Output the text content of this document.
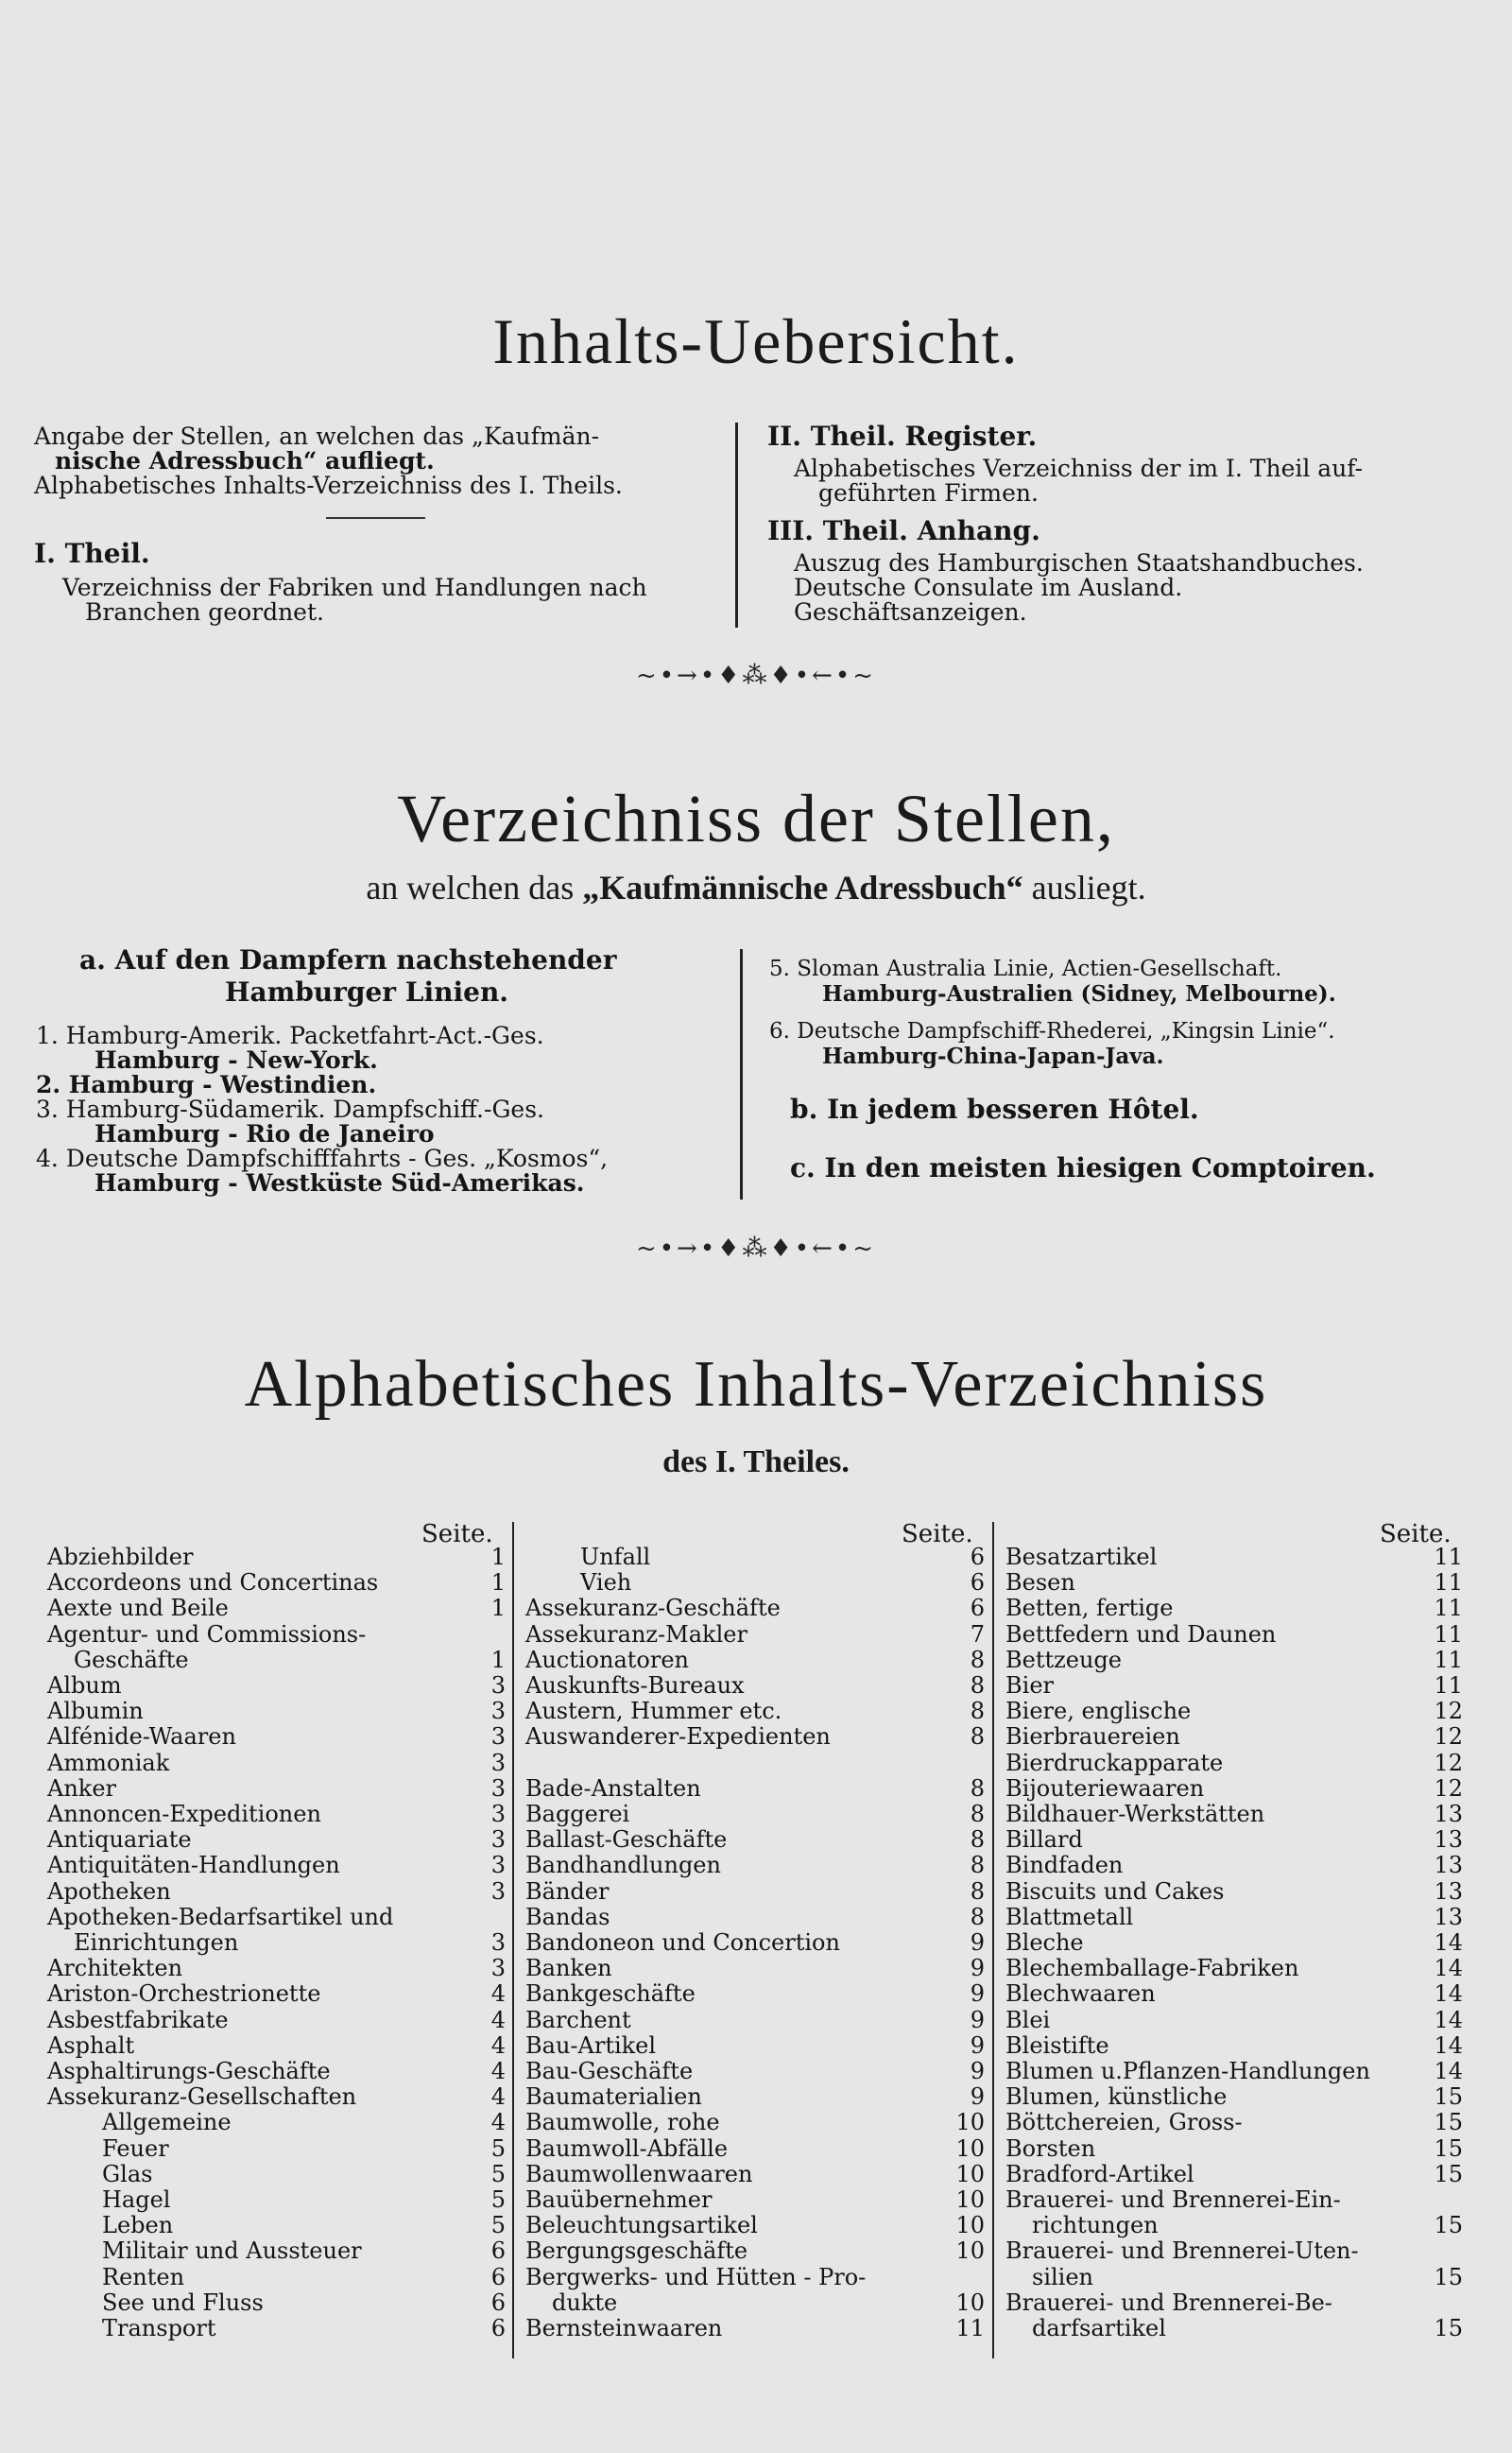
Inhalts-Uebersicht.
Angabe der Stellen, an welchen das „Kaufmän-
nische Adressbuch“ aufliegt.
Alphabetisches Inhalts-Verzeichniss des I. Theils.
I. Theil.
Verzeichniss der Fabriken und Handlungen nach
Branchen geordnet.
II. Theil. Register.
Alphabetisches Verzeichniss der im I. Theil auf-
geführten Firmen.
III. Theil. Anhang.
Auszug des Hamburgischen Staatshandbuches.
Deutsche Consulate im Ausland.
Geschäftsanzeigen.
~•→•♦⁂♦•←•~
Verzeichniss der Stellen,

an welchen das „Kaufmännische Adressbuch“ ausliegt.

a. Auf den Dampfern nachstehender
Hamburger Linien.
1. Hamburg-Amerik. Packetfahrt-Act.-Ges.
Hamburg - New-York.
2. Hamburg - Westindien.
3. Hamburg-Südamerik. Dampfschiff.-Ges.
Hamburg - Rio de Janeiro
4. Deutsche Dampfschifffahrts - Ges. „Kosmos“,
Hamburg - Westküste Süd-Amerikas.
5. Sloman Australia Linie, Actien-Gesellschaft.
Hamburg-Australien (Sidney, Melbourne).
6. Deutsche Dampfschiff-Rhederei, „Kingsin Linie“.
Hamburg-China-Japan-Java.
b. In jedem besseren Hôtel.
c. In den meisten hiesigen Comptoiren.
~•→•♦⁂♦•←•~
Alphabetisches Inhalts-Verzeichniss

des I. Theiles.

Seite.	Seite.	Seite.
Abziehbilder	1
Accordeons und Concertinas	1
Aexte und Beile	1
Agentur- und Commissions-
Geschäfte	1
Album	3
Albumin	3
Alfénide-Waaren	3
Ammoniak	3
Anker	3
Annoncen-Expeditionen	3
Antiquariate	3
Antiquitäten-Handlungen	3
Apotheken	3
Apotheken-Bedarfsartikel und
Einrichtungen	3
Architekten	3
Ariston-Orchestrionette	4
Asbestfabrikate	4
Asphalt	4
Asphaltirungs-Geschäfte	4
Assekuranz-Gesellschaften	4
Allgemeine	4
Feuer	5
Glas	5
Hagel	5
Leben	5
Militair und Aussteuer	6
Renten	6
See und Fluss	6
Transport	6
Unfall	6
Vieh	6
Assekuranz-Geschäfte	6
Assekuranz-Makler	7
Auctionatoren	8
Auskunfts-Bureaux	8
Austern, Hummer etc.	8
Auswanderer-Expedienten	8
Bade-Anstalten	8
Baggerei	8
Ballast-Geschäfte	8
Bandhandlungen	8
Bänder	8
Bandas	8
Bandoneon und Concertion	9
Banken	9
Bankgeschäfte	9
Barchent	9
Bau-Artikel	9
Bau-Geschäfte	9
Baumaterialien	9
Baumwolle, rohe	10
Baumwoll-Abfälle	10
Baumwollenwaaren	10
Bauübernehmer	10
Beleuchtungsartikel	10
Bergungsgeschäfte	10
Bergwerks- und Hütten - Pro-
dukte	10
Bernsteinwaaren	11
Besatzartikel	11
Besen	11
Betten, fertige	11
Bettfedern und Daunen	11
Bettzeuge	11
Bier	11
Biere, englische	12
Bierbrauereien	12
Bierdruckapparate	12
Bijouteriewaaren	12
Bildhauer-Werkstätten	13
Billard	13
Bindfaden	13
Biscuits und Cakes	13
Blattmetall	13
Bleche	14
Blechemballage-Fabriken	14
Blechwaaren	14
Blei	14
Bleistifte	14
Blumen u.Pflanzen-Handlungen	14
Blumen, künstliche	15
Böttchereien, Gross-	15
Borsten	15
Bradford-Artikel	15
Brauerei- und Brennerei-Ein-
richtungen	15
Brauerei- und Brennerei-Uten-
silien	15
Brauerei- und Brennerei-Be-
darfsartikel	15
